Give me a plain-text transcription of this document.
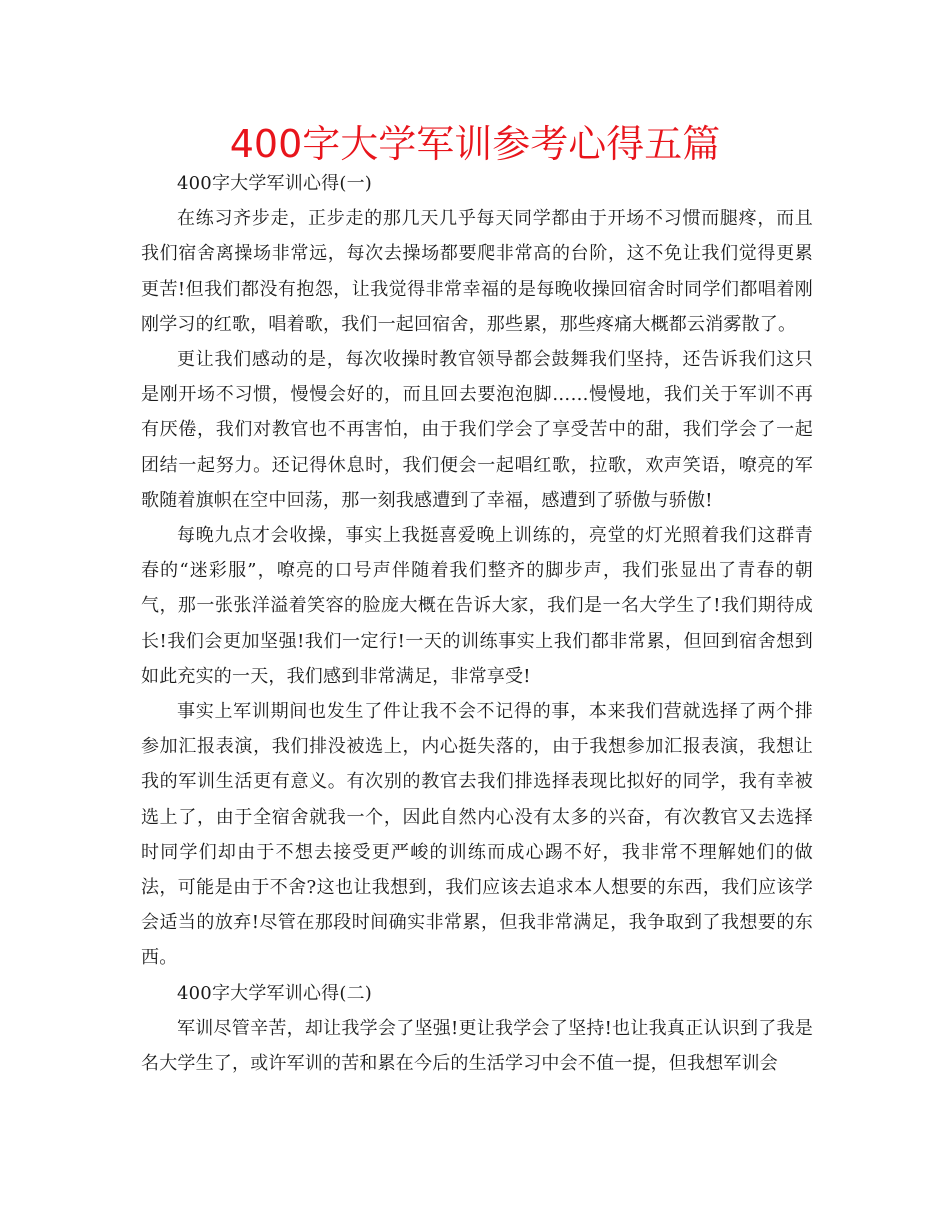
400字大学军训参考心得五篇

400字大学军训心得(一)

在练习齐步走，正步走的那几天几乎每天同学都由于开场不习惯而腿疼，而且我们宿舍离操场非常远，每次去操场都要爬非常高的台阶，这不免让我们觉得更累更苦!但我们都没有抱怨，让我觉得非常幸福的是每晚收操回宿舍时同学们都唱着刚刚学习的红歌，唱着歌，我们一起回宿舍，那些累，那些疼痛大概都云消雾散了。

更让我们感动的是，每次收操时教官领导都会鼓舞我们坚持，还告诉我们这只是刚开场不习惯，慢慢会好的，而且回去要泡泡脚……慢慢地，我们关于军训不再有厌倦，我们对教官也不再害怕，由于我们学会了享受苦中的甜，我们学会了一起团结一起努力。还记得休息时，我们便会一起唱红歌，拉歌，欢声笑语，嘹亮的军歌随着旗帜在空中回荡，那一刻我感遭到了幸福，感遭到了骄傲与骄傲!

每晚九点才会收操，事实上我挺喜爱晚上训练的，亮堂的灯光照着我们这群青春的“迷彩服”，嘹亮的口号声伴随着我们整齐的脚步声，我们张显出了青春的朝气，那一张张洋溢着笑容的脸庞大概在告诉大家，我们是一名大学生了!我们期待成长!我们会更加坚强!我们一定行!一天的训练事实上我们都非常累，但回到宿舍想到如此充实的一天，我们感到非常满足，非常享受!

事实上军训期间也发生了件让我不会不记得的事，本来我们营就选择了两个排参加汇报表演，我们排没被选上，内心挺失落的，由于我想参加汇报表演，我想让我的军训生活更有意义。有次别的教官去我们排选择表现比拟好的同学，我有幸被选上了，由于全宿舍就我一个，因此自然内心没有太多的兴奋，有次教官又去选择时同学们却由于不想去接受更严峻的训练而成心踢不好，我非常不理解她们的做法，可能是由于不舍?这也让我想到，我们应该去追求本人想要的东西，我们应该学会适当的放弃!尽管在那段时间确实非常累，但我非常满足，我争取到了我想要的东西。

400字大学军训心得(二)

军训尽管辛苦，却让我学会了坚强!更让我学会了坚持!也让我真正认识到了我是名大学生了，或许军训的苦和累在今后的生活学习中会不值一提，但我想军训会
